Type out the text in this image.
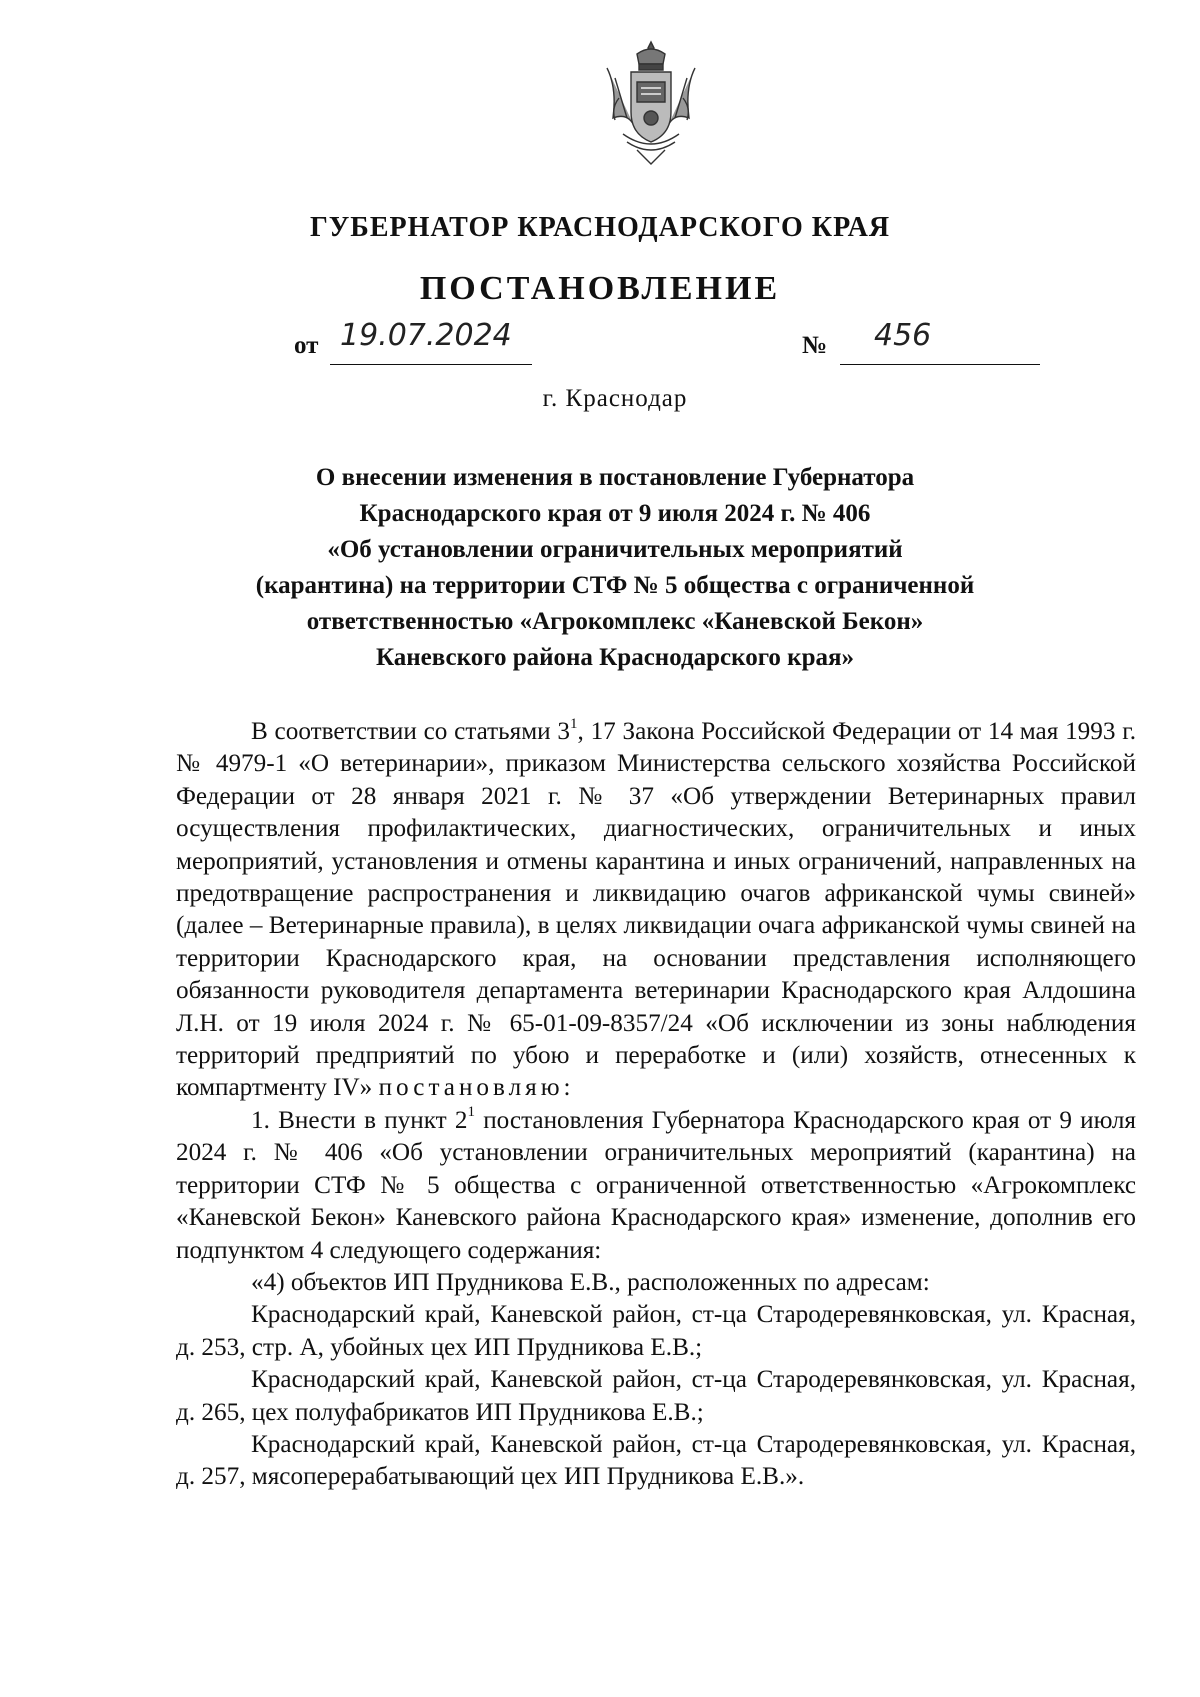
ГУБЕРНАТОР КРАСНОДАРСКОГО КРАЯ
ПОСТАНОВЛЕНИЕ
от 19.07.2024	№ 456
г. Краснодар
О внесении изменения в постановление Губернатора
Краснодарского края от 9 июля 2024 г. № 406
«Об установлении ограничительных мероприятий
(карантина) на территории СТФ № 5 общества с ограниченной
ответственностью «Агрокомплекс «Каневской Бекон»
Каневского района Краснодарского края»

В соответствии со статьями $3^1$, 17 Закона Российской Федерации от 14 мая 1993 г. № 4979-1 «О ветеринарии», приказом Министерства сельского хозяйства Российской Федерации от 28 января 2021 г. № 37 «Об утверждении Ветеринарных правил осуществления профилактических, диагностических, ограничительных и иных мероприятий, установления и отмены карантина и иных ограничений, направленных на предотвращение распространения и ликвидацию очагов африканской чумы свиней» (далее – Ветеринарные правила), в целях ликвидации очага африканской чумы свиней на территории Краснодарского края, на основании представления исполняющего обязанности руководителя департамента ветеринарии Краснодарского края Алдошина Л.Н. от 19 июля 2024 г. № 65-01-09-8357/24 «Об исключении из зоны наблюдения территорий предприятий по убою и переработке и (или) хозяйств, отнесенных к компартменту IV» постановляю:

1. Внести в пункт $2^1$ постановления Губернатора Краснодарского края от 9 июля 2024 г. № 406 «Об установлении ограничительных мероприятий (карантина) на территории СТФ № 5 общества с ограниченной ответственностью «Агрокомплекс «Каневской Бекон» Каневского района Краснодарского края» изменение, дополнив его подпунктом 4 следующего содержания:

«4) объектов ИП Прудникова Е.В., расположенных по адресам:

Краснодарский край, Каневской район, ст-ца Стародеревянковская, ул. Красная, д. 253, стр. А, убойных цех ИП Прудникова Е.В.;

Краснодарский край, Каневской район, ст-ца Стародеревянковская, ул. Красная, д. 265, цех полуфабрикатов ИП Прудникова Е.В.;

Краснодарский край, Каневской район, ст-ца Стародеревянковская, ул. Красная, д. 257, мясоперерабатывающий цех ИП Прудникова Е.В.».
